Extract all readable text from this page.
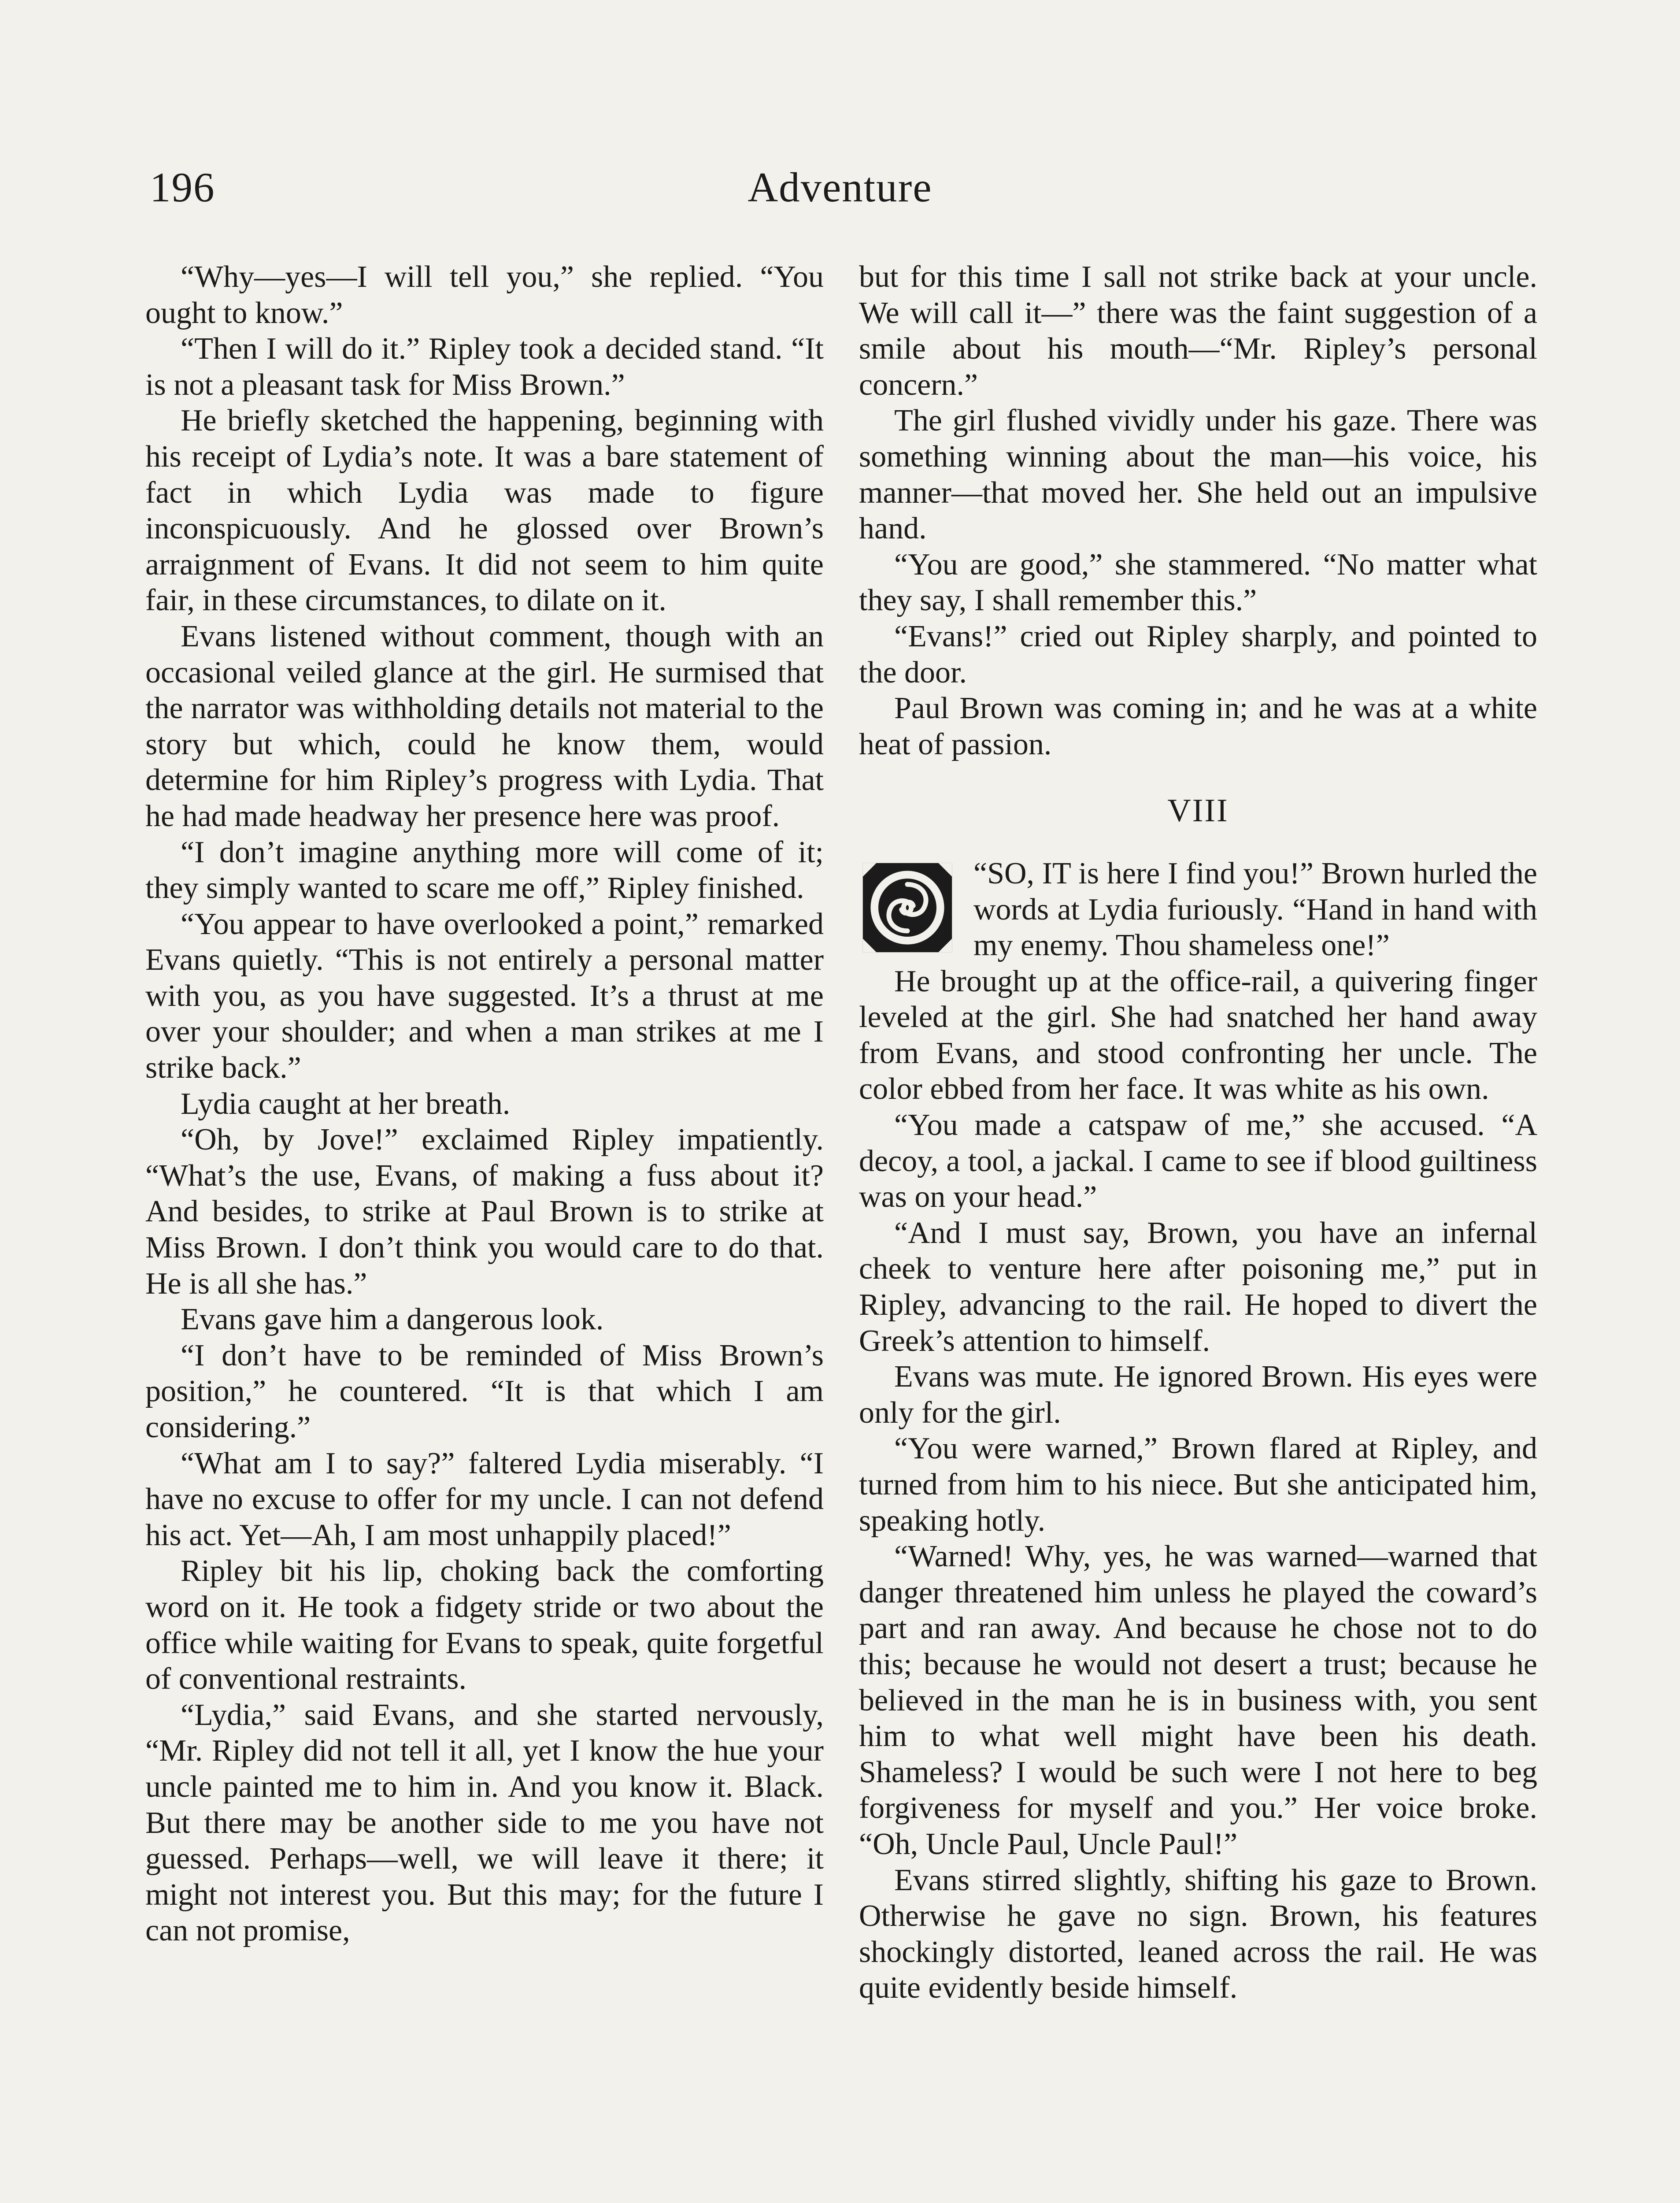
196	Adventure

“Why—yes—I will tell you,” she replied. “You ought to know.”

“Then I will do it.” Ripley took a decided stand. “It is not a pleasant task for Miss Brown.”

He briefly sketched the happening, beginning with his receipt of Lydia’s note. It was a bare statement of fact in which Lydia was made to figure inconspicuously. And he glossed over Brown’s arraignment of Evans. It did not seem to him quite fair, in these circumstances, to dilate on it.

Evans listened without comment, though with an occasional veiled glance at the girl. He surmised that the narrator was withholding details not material to the story but which, could he know them, would determine for him Ripley’s progress with Lydia. That he had made headway her presence here was proof.

“I don’t imagine anything more will come of it; they simply wanted to scare me off,” Ripley finished.

“You appear to have overlooked a point,” remarked Evans quietly. “This is not entirely a personal matter with you, as you have suggested. It’s a thrust at me over your shoulder; and when a man strikes at me I strike back.”

Lydia caught at her breath.

“Oh, by Jove!” exclaimed Ripley impatiently. “What’s the use, Evans, of making a fuss about it? And besides, to strike at Paul Brown is to strike at Miss Brown. I don’t think you would care to do that. He is all she has.”

Evans gave him a dangerous look.

“I don’t have to be reminded of Miss Brown’s position,” he countered. “It is that which I am considering.”

“What am I to say?” faltered Lydia miserably. “I have no excuse to offer for my uncle. I can not defend his act. Yet—Ah, I am most unhappily placed!”

Ripley bit his lip, choking back the comforting word on it. He took a fidgety stride or two about the office while waiting for Evans to speak, quite forgetful of conventional restraints.

“Lydia,” said Evans, and she started nervously, “Mr. Ripley did not tell it all, yet I know the hue your uncle painted me to him in. And you know it. Black. But there may be another side to me you have not guessed. Perhaps—well, we will leave it there; it might not interest you. But this may; for the future I can not promise,

but for this time I sall not strike back at your uncle. We will call it—” there was the faint suggestion of a smile about his mouth—“Mr. Ripley’s personal concern.”

The girl flushed vividly under his gaze. There was something winning about the man—his voice, his manner—that moved her. She held out an impulsive hand.

“You are good,” she stammered. “No matter what they say, I shall remember this.”

“Evans!” cried out Ripley sharply, and pointed to the door.

Paul Brown was coming in; and he was at a white heat of passion.

VIII

“SO, IT is here I find you!” Brown hurled the words at Lydia furiously. “Hand in hand with my enemy. Thou shameless one!”

He brought up at the office-rail, a quivering finger leveled at the girl. She had snatched her hand away from Evans, and stood confronting her uncle. The color ebbed from her face. It was white as his own.

“You made a catspaw of me,” she accused. “A decoy, a tool, a jackal. I came to see if blood guiltiness was on your head.”

“And I must say, Brown, you have an infernal cheek to venture here after poisoning me,” put in Ripley, advancing to the rail. He hoped to divert the Greek’s attention to himself.

Evans was mute. He ignored Brown. His eyes were only for the girl.

“You were warned,” Brown flared at Ripley, and turned from him to his niece. But she anticipated him, speaking hotly.

“Warned! Why, yes, he was warned—warned that danger threatened him unless he played the coward’s part and ran away. And because he chose not to do this; because he would not desert a trust; because he believed in the man he is in business with, you sent him to what well might have been his death. Shameless? I would be such were I not here to beg forgiveness for myself and you.” Her voice broke. “Oh, Uncle Paul, Uncle Paul!”

Evans stirred slightly, shifting his gaze to Brown. Otherwise he gave no sign. Brown, his features shockingly distorted, leaned across the rail. He was quite evidently beside himself.
